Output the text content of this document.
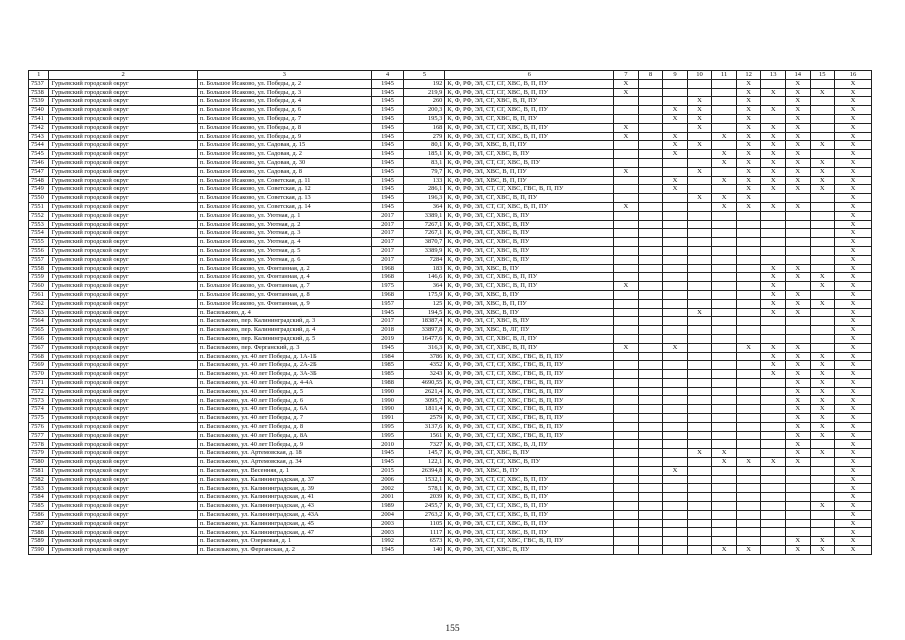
1	2	3	4	5	6	7	8	9	10	11	12	13	14	15	16
7537	Гурьевский городской округ	п. Большое Исаково, ул. Победы, д. 2	1945	192	К, Ф, РФ, ЭЛ, СТ, СГ, ХВС, В, П, ПУ	X					X		X		X
7538	Гурьевский городской округ	п. Большое Исаково, ул. Победы, д. 3	1945	219,9	К, Ф, РФ, ЭЛ, СТ, СГ, ХВС, В, П, ПУ	X					X	X	X	X	X
7539	Гурьевский городской округ	п. Большое Исаково, ул. Победы, д. 4	1945	260	К, Ф, РФ, ЭЛ, СГ, ХВС, В, П, ПУ				X		X		X		X
7540	Гурьевский городской округ	п. Большое Исаково, ул. Победы, д. 6	1945	200,3	К, Ф, РФ, ЭЛ, СТ, СГ, ХВС, В, П, ПУ			X	X		X	X	X		X
7541	Гурьевский городской округ	п. Большое Исаково, ул. Победы, д. 7	1945	195,3	К, Ф, РФ, ЭЛ, СГ, ХВС, В, П, ПУ			X	X		X		X		X
7542	Гурьевский городской округ	п. Большое Исаково, ул. Победы, д. 8	1945	168	К, Ф, РФ, ЭЛ, СТ, СГ, ХВС, В, П, ПУ	X			X		X	X	X		X
7543	Гурьевский городской округ	п. Большое Исаково, ул. Победы, д. 9	1945	279	К, Ф, РФ, ЭЛ, СТ, СГ, ХВС, В, П, ПУ	X		X		X	X	X	X		X
7544	Гурьевский городской округ	п. Большое Исаково, ул. Садовая, д. 15	1945	80,1	К, Ф, РФ, ЭЛ, ХВС, В, П, ПУ			X	X		X	X	X	X	X
7545	Гурьевский городской округ	п. Большое Исаково, ул. Садовая, д. 2	1945	185,1	К, Ф, РФ, ЭЛ, СГ, ХВС, В, ПУ			X		X	X	X	X		X
7546	Гурьевский городской округ	п. Большое Исаково, ул. Садовая, д. 30	1945	83,1	К, Ф, РФ, ЭЛ, СТ, СГ, ХВС, В, ПУ					X	X	X	X	X	X
7547	Гурьевский городской округ	п. Большое Исаково, ул. Садовая, д. 8	1945	79,7	К, Ф, РФ, ЭЛ, ХВС, В, П, ПУ	X			X		X	X	X	X	X
7548	Гурьевский городской округ	п. Большое Исаково, ул. Советская, д. 11	1945	133	К, Ф, РФ, ЭЛ, ХВС, В, П, ПУ			X		X	X	X	X	X	X
7549	Гурьевский городской округ	п. Большое Исаково, ул. Советская, д. 12	1945	286,1	К, Ф, РФ, ЭЛ, СТ, СГ, ХВС, ГВС, В, П, ПУ			X			X	X	X	X	X
7550	Гурьевский городской округ	п. Большое Исаково, ул. Советская, д. 13	1945	196,3	К, Ф, РФ, ЭЛ, СГ, ХВС, В, П, ПУ				X	X	X				X
7551	Гурьевский городской округ	п. Большое Исаково, ул. Советская, д. 14	1945	364	К, Ф, РФ, ЭЛ, СТ, СГ, ХВС, В, П, ПУ	X				X	X	X	X		X
7552	Гурьевский городской округ	п. Большое Исаково, ул. Уютная, д. 1	2017	3389,1	К, Ф, РФ, ЭЛ, СГ, ХВС, В, ПУ										X
7553	Гурьевский городской округ	п. Большое Исаково, ул. Уютная, д. 2	2017	7267,1	К, Ф, РФ, ЭЛ, СГ, ХВС, В, ПУ										X
7554	Гурьевский городской округ	п. Большое Исаково, ул. Уютная, д. 3	2017	7267,1	К, Ф, РФ, ЭЛ, СГ, ХВС, В, ПУ										X
7555	Гурьевский городской округ	п. Большое Исаково, ул. Уютная, д. 4	2017	3870,7	К, Ф, РФ, ЭЛ, СГ, ХВС, В, ПУ										X
7556	Гурьевский городской округ	п. Большое Исаково, ул. Уютная, д. 5	2017	3389,9	К, Ф, РФ, ЭЛ, СГ, ХВС, В, ПУ										X
7557	Гурьевский городской округ	п. Большое Исаково, ул. Уютная, д. 6	2017	7284	К, Ф, РФ, ЭЛ, СГ, ХВС, В, ПУ										X
7558	Гурьевский городской округ	п. Большое Исаково, ул. Фонтанная, д. 2	1968	183	К, Ф, РФ, ЭЛ, ХВС, В, ПУ							X	X		X
7559	Гурьевский городской округ	п. Большое Исаково, ул. Фонтанная, д. 4	1968	146,6	К, Ф, РФ, ЭЛ, СГ, ХВС, В, П, ПУ							X	X	X	X
7560	Гурьевский городской округ	п. Большое Исаково, ул. Фонтанная, д. 7	1975	364	К, Ф, РФ, ЭЛ, СГ, ХВС, В, П, ПУ	X						X		X	X
7561	Гурьевский городской округ	п. Большое Исаково, ул. Фонтанная, д. 8	1968	175,9	К, Ф, РФ, ЭЛ, ХВС, В, ПУ							X	X		X
7562	Гурьевский городской округ	п. Большое Исаково, ул. Фонтанная, д. 9	1957	125	К, Ф, РФ, ЭЛ, ХВС, В, П, ПУ							X	X	X	X
7563	Гурьевский городской округ	п. Васильково, д. 4	1945	194,5	К, Ф, РФ, ЭЛ, ХВС, В, ПУ				X			X	X		X
7564	Гурьевский городской округ	п. Васильково, пер. Калининградский, д. 3	2017	18387,4	К, Ф, РФ, ЭЛ, СГ, ХВС, В, ПУ										X
7565	Гурьевский городской округ	п. Васильково, пер. Калининградский, д. 4	2018	33897,8	К, Ф, РФ, ЭЛ, ХВС, В, ЛГ, ПУ										X
7566	Гурьевский городской округ	п. Васильково, пер. Калининградский, д. 5	2019	16477,6	К, Ф, РФ, ЭЛ, СГ, ХВС, В, Л, ПУ										X
7567	Гурьевский городской округ	п. Васильково, пер. Ферганский, д. 3	1945	316,3	К, Ф, РФ, ЭЛ, СГ, ХВС, В, П, ПУ	X		X			X	X	X		X
7568	Гурьевский городской округ	п. Васильково, ул. 40 лет Победы, д. 1А-1Б	1984	3786	К, Ф, РФ, ЭЛ, СТ, СГ, ХВС, ГВС, В, П, ПУ							X	X	X	X
7569	Гурьевский городской округ	п. Васильково, ул. 40 лет Победы, д. 2А-2Б	1985	4352	К, Ф, РФ, ЭЛ, СТ, СГ, ХВС, ГВС, В, П, ПУ							X	X	X	X
7570	Гурьевский городской округ	п. Васильково, ул. 40 лет Победы, д. 3А-3Б	1985	3243	К, Ф, РФ, ЭЛ, СТ, СГ, ХВС, ГВС, В, П, ПУ							X	X	X	X
7571	Гурьевский городской округ	п. Васильково, ул. 40 лет Победы, д. 4-4А	1988	4690,55	К, Ф, РФ, ЭЛ, СТ, СГ, ХВС, ГВС, В, П, ПУ								X	X	X
7572	Гурьевский городской округ	п. Васильково, ул. 40 лет Победы, д. 5	1990	2621,4	К, Ф, РФ, ЭЛ, СТ, СГ, ХВС, ГВС, В, П, ПУ								X	X	X
7573	Гурьевский городской округ	п. Васильково, ул. 40 лет Победы, д. 6	1990	3095,7	К, Ф, РФ, ЭЛ, СТ, СГ, ХВС, ГВС, В, П, ПУ								X	X	X
7574	Гурьевский городской округ	п. Васильково, ул. 40 лет Победы, д. 6А	1990	1811,4	К, Ф, РФ, ЭЛ, СТ, СГ, ХВС, ГВС, В, П, ПУ								X	X	X
7575	Гурьевский городской округ	п. Васильково, ул. 40 лет Победы, д. 7	1991	2579	К, Ф, РФ, ЭЛ, СТ, СГ, ХВС, ГВС, В, П, ПУ								X	X	X
7576	Гурьевский городской округ	п. Васильково, ул. 40 лет Победы, д. 8	1995	3137,6	К, Ф, РФ, ЭЛ, СТ, СГ, ХВС, ГВС, В, П, ПУ								X	X	X
7577	Гурьевский городской округ	п. Васильково, ул. 40 лет Победы, д. 8А	1995	1561	К, Ф, РФ, ЭЛ, СТ, СГ, ХВС, ГВС, В, П, ПУ								X	X	X
7578	Гурьевский городской округ	п. Васильково, ул. 40 лет Победы, д. 9	2010	7327	К, Ф, РФ, ЭЛ, СТ, СГ, ХВС, В, Л, ПУ								X		X
7579	Гурьевский городской округ	п. Васильково, ул. Артемовская, д. 18	1945	145,7	К, Ф, РФ, ЭЛ, СГ, ХВС, В, ПУ				X	X			X	X	X
7580	Гурьевский городской округ	п. Васильково, ул. Артемовская, д. 34	1945	122,1	К, Ф, РФ, ЭЛ, СТ, СГ, ХВС, В, ПУ					X	X	X	X		X
7581	Гурьевский городской округ	п. Васильково, ул. Весенняя, д. 1	2015	26394,8	К, Ф, РФ, ЭЛ, ХВС, В, ПУ			X							X
7582	Гурьевский городской округ	п. Васильково, ул. Калининградская, д. 37	2006	1532,1	К, Ф, РФ, ЭЛ, СТ, СГ, ХВС, В, П, ПУ										X
7583	Гурьевский городской округ	п. Васильково, ул. Калининградская, д. 39	2002	578,1	К, Ф, РФ, ЭЛ, СТ, СГ, ХВС, В, П, ПУ										X
7584	Гурьевский городской округ	п. Васильково, ул. Калининградская, д. 41	2001	2039	К, Ф, РФ, ЭЛ, СТ, СГ, ХВС, В, П, ПУ										X
7585	Гурьевский городской округ	п. Васильково, ул. Калининградская, д. 43	1989	2455,7	К, Ф, РФ, ЭЛ, СТ, СГ, ХВС, В, П, ПУ									X	X
7586	Гурьевский городской округ	п. Васильково, ул. Калининградская, д. 43А	2004	2763,2	К, Ф, РФ, ЭЛ, СТ, СГ, ХВС, В, П, ПУ										X
7587	Гурьевский городской округ	п. Васильково, ул. Калининградская, д. 45	2003	1105	К, Ф, РФ, ЭЛ, СТ, СГ, ХВС, В, П, ПУ										X
7588	Гурьевский городской округ	п. Васильково, ул. Калининградская, д. 47	2003	1117	К, Ф, РФ, ЭЛ, СТ, СГ, ХВС, В, П, ПУ										X
7589	Гурьевский городской округ	п. Васильково, ул. Озерковая, д. 1	1992	6573	К, Ф, РФ, ЭЛ, СТ, СГ, ХВС, ГВС, В, П, ПУ								X	X	X
7590	Гурьевский городской округ	п. Васильково, ул. Ферганская, д. 2	1945	140	К, Ф, РФ, ЭЛ, СГ, ХВС, В, ПУ					X	X		X	X	X
155
